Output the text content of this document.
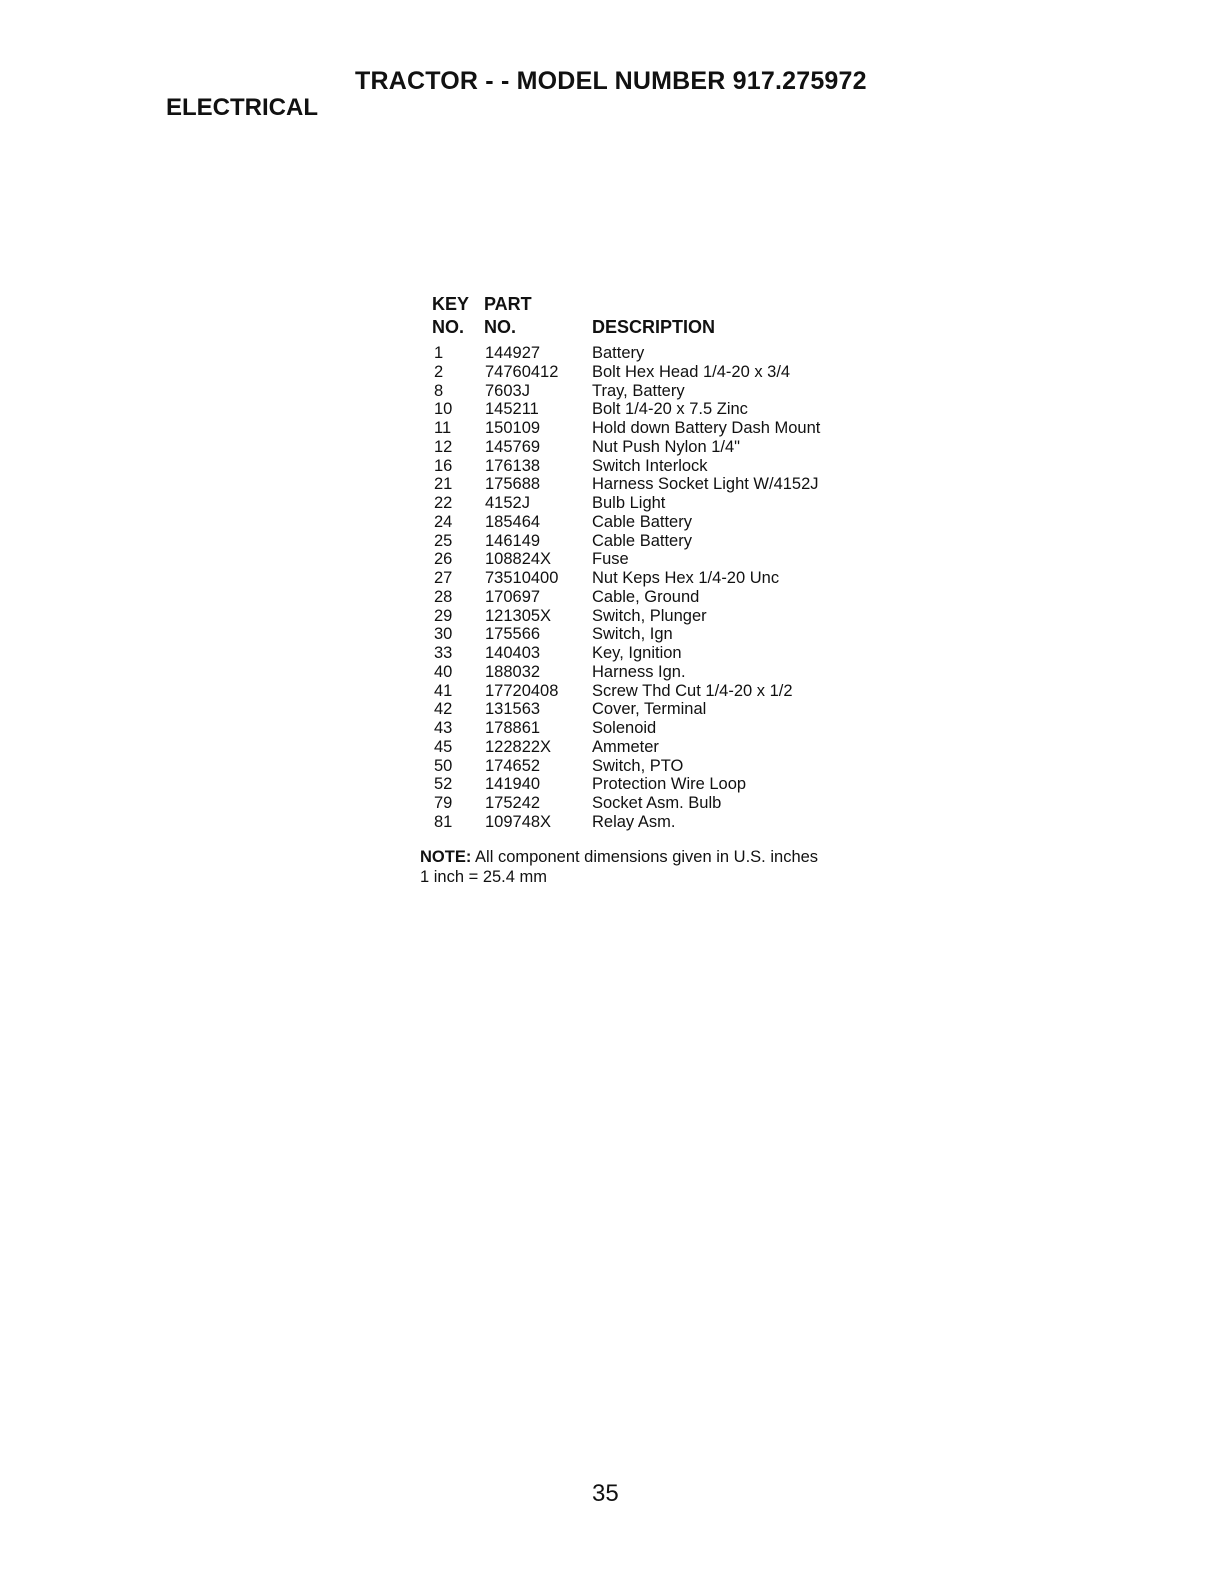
TRACTOR - - MODEL NUMBER 917.275972
ELECTRICAL
KEY
NO.
PART
NO.	DESCRIPTION
1	144927	Battery
2	74760412 Bolt Hex Head 1/4-20 x 3/4
8	7603J	Tray, Battery
10 145211	Bolt 1/4-20 x 7.5 Zinc
11 150109	Hold down Battery Dash Mount
12 145769	Nut Push Nylon 1/4"
16 176138	Switch Interlock
21 175688	Harness Socket Light W/4152J
22 4152J	Bulb Light
24 185464	Cable Battery
25 146149	Cable Battery
26 108824X Fuse
27 73510400 Nut Keps Hex 1/4-20 Unc
28 170697	Cable, Ground
29 121305X Switch, Plunger
30 175566	Switch, Ign
33 140403	Key, Ignition
40 188032	Harness Ign.
41 17720408 Screw Thd Cut 1/4-20 x 1/2
42 131563	Cover, Terminal
43 178861	Solenoid
45 122822X Ammeter
50 174652	Switch, PTO
52 141940	Protection Wire Loop
79 175242	Socket Asm. Bulb
81 109748X Relay Asm.
NOTE: All component dimensions given in U.S. inches
1 inch = 25.4 mm
35
